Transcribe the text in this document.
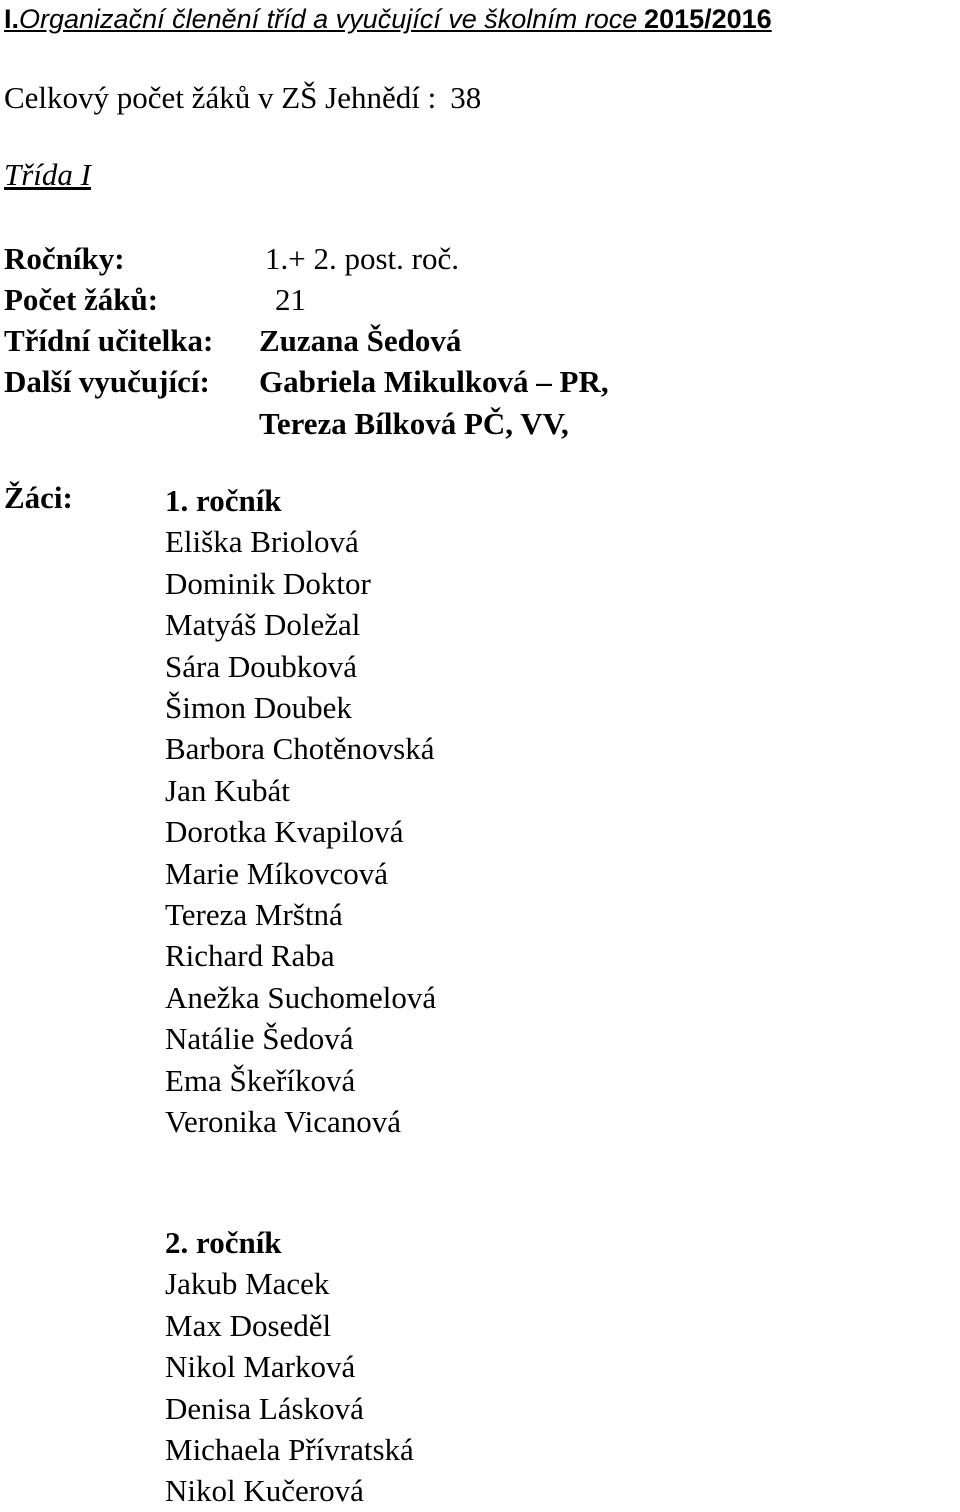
I.Organizační členění tříd a vyučující ve školním roce 2015/2016
Celkový počet žáků v ZŠ Jehnědí : 38
Třída I
Ročníky:	1.+ 2. post. roč.
Počet žáků:	21
Třídní učitelka: Zuzana Šedová
Další vyučující: Gabriela Mikulková – PR,
Tereza Bílková PČ, VV,
Žáci:	1. ročník
Eliška Briolová
Dominik Doktor
Matyáš Doležal
Sára Doubková
Šimon Doubek
Barbora Chotěnovská
Jan Kubát
Dorotka Kvapilová
Marie Míkovcová
Tereza Mrštná
Richard Raba
Anežka Suchomelová
Natálie Šedová
Ema Škeříková
Veronika Vicanová
2. ročník
Jakub Macek
Max Doseděl
Nikol Marková
Denisa Lásková
Michaela Přívratská
Nikol Kučerová
